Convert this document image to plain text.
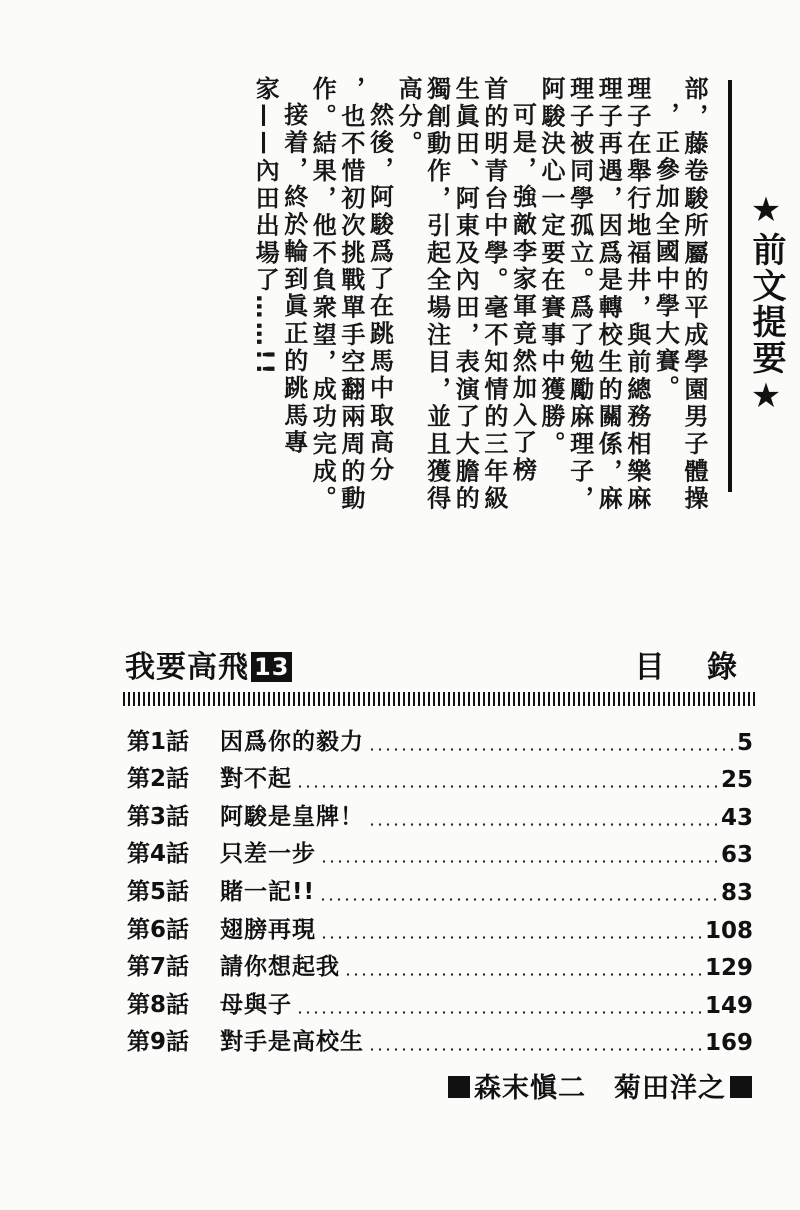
★前文提要★

部，藤卷駿所屬的平成學園男子體操

，正參加全國中學大賽。

理子在舉行地福井，與前總務相樂麻

理子再遇，因爲是轉校生的關係，麻

理子被同學孤立。爲了勉勵麻理子，

阿駿決心一定要在賽事中獲勝。

可是，強敵李家軍竟然加入了榜

首的明青台中學。毫不知情的三年級

生眞田、阿東及內田，表演了大膽的

獨創動作，引起全場注目，並且獲得

高分。

然後，阿駿爲了在跳馬中取高分

，也不惜初次挑戰單手空翻兩周的動

作。結果，他不負衆望，成功完成。

接着，終於輪到眞正的跳馬專

家——內田出場了……!!

我要高飛 13	目 錄
第1話	因爲你的毅力	5
第2話	對不起	25
第3話	阿駿是皇牌！	43
第4話	只差一步	63
第5話	賭一記!!	83
第6話	翅膀再現	108
第7話	請你想起我	129
第8話	母與子	149
第9話	對手是高校生	169
森末愼二　菊田洋之
